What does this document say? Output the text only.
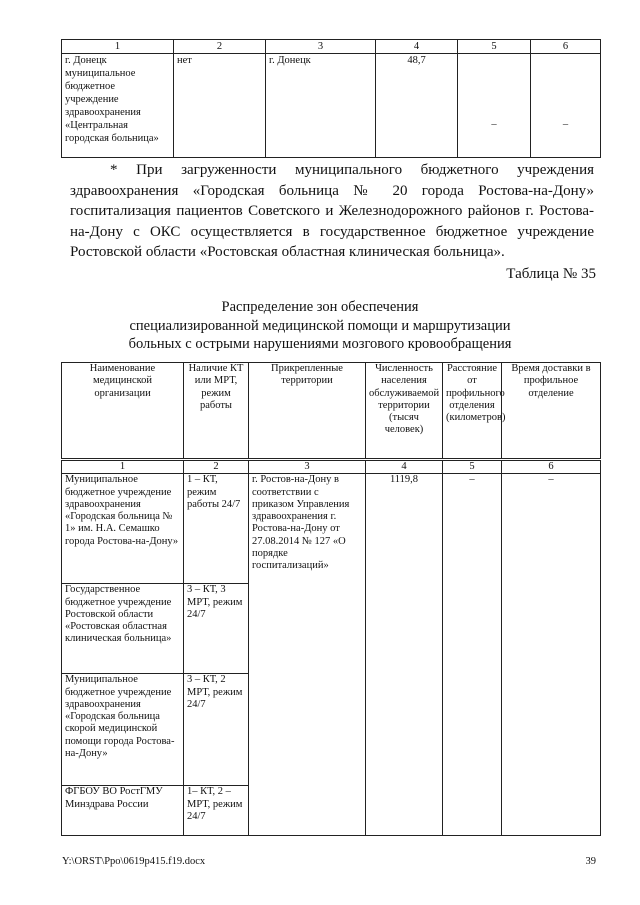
1	2	3	4	5	6
г. Донецк муниципальное бюджетное учреждение здравоохранения «Центральная городская больница»	нет	г. Донецк	48,7	–	–
* При загруженности муниципального бюджетного учреждения здравоохранения «Городская больница № 20 города Ростова-на-Дону» госпитализация пациентов Советского и Железнодорожного районов г. Ростова-на-Дону с ОКС осуществляется в государственное бюджетное учреждение Ростовской области «Ростовская областная клиническая больница».
Таблица № 35
Распределение зон обеспечения
специализированной медицинской помощи и маршрутизации
больных с острыми нарушениями мозгового кровообращения
Наименование медицинской организации	Наличие КТ или МРТ, режим работы	Прикрепленные территории	Численность населения обслуживаемой территории (тысяч человек)	Расстояние от профильного отделения (километров)	Время доставки в профильное отделение
1	2	3	4	5	6
Муниципальное бюджетное учреждение здравоохранения «Городская больница № 1» им. Н.А. Семашко города Ростова-на-Дону»	1 – КТ, режим работы 24/7	г. Ростов-на-Дону в соответствии с приказом Управления здравоохранения г. Ростова-на-Дону от 27.08.2014 № 127 «О порядке госпитализаций»	1119,8	–	–
Государственное бюджетное учреждение Ростовской области «Ростовская областная клиническая больница»	3 – КТ, 3 МРТ, режим 24/7				
Муниципальное бюджетное учреждение здравоохранения «Городская больница скорой медицинской помощи города Ростова-на-Дону»	3 – КТ, 2 МРТ, режим 24/7				
ФГБОУ ВО РостГМУ Минздрава России	1– КТ, 2 – МРТ, режим 24/7				
Y:\ORST\Ppo\0619p415.f19.docx	39
